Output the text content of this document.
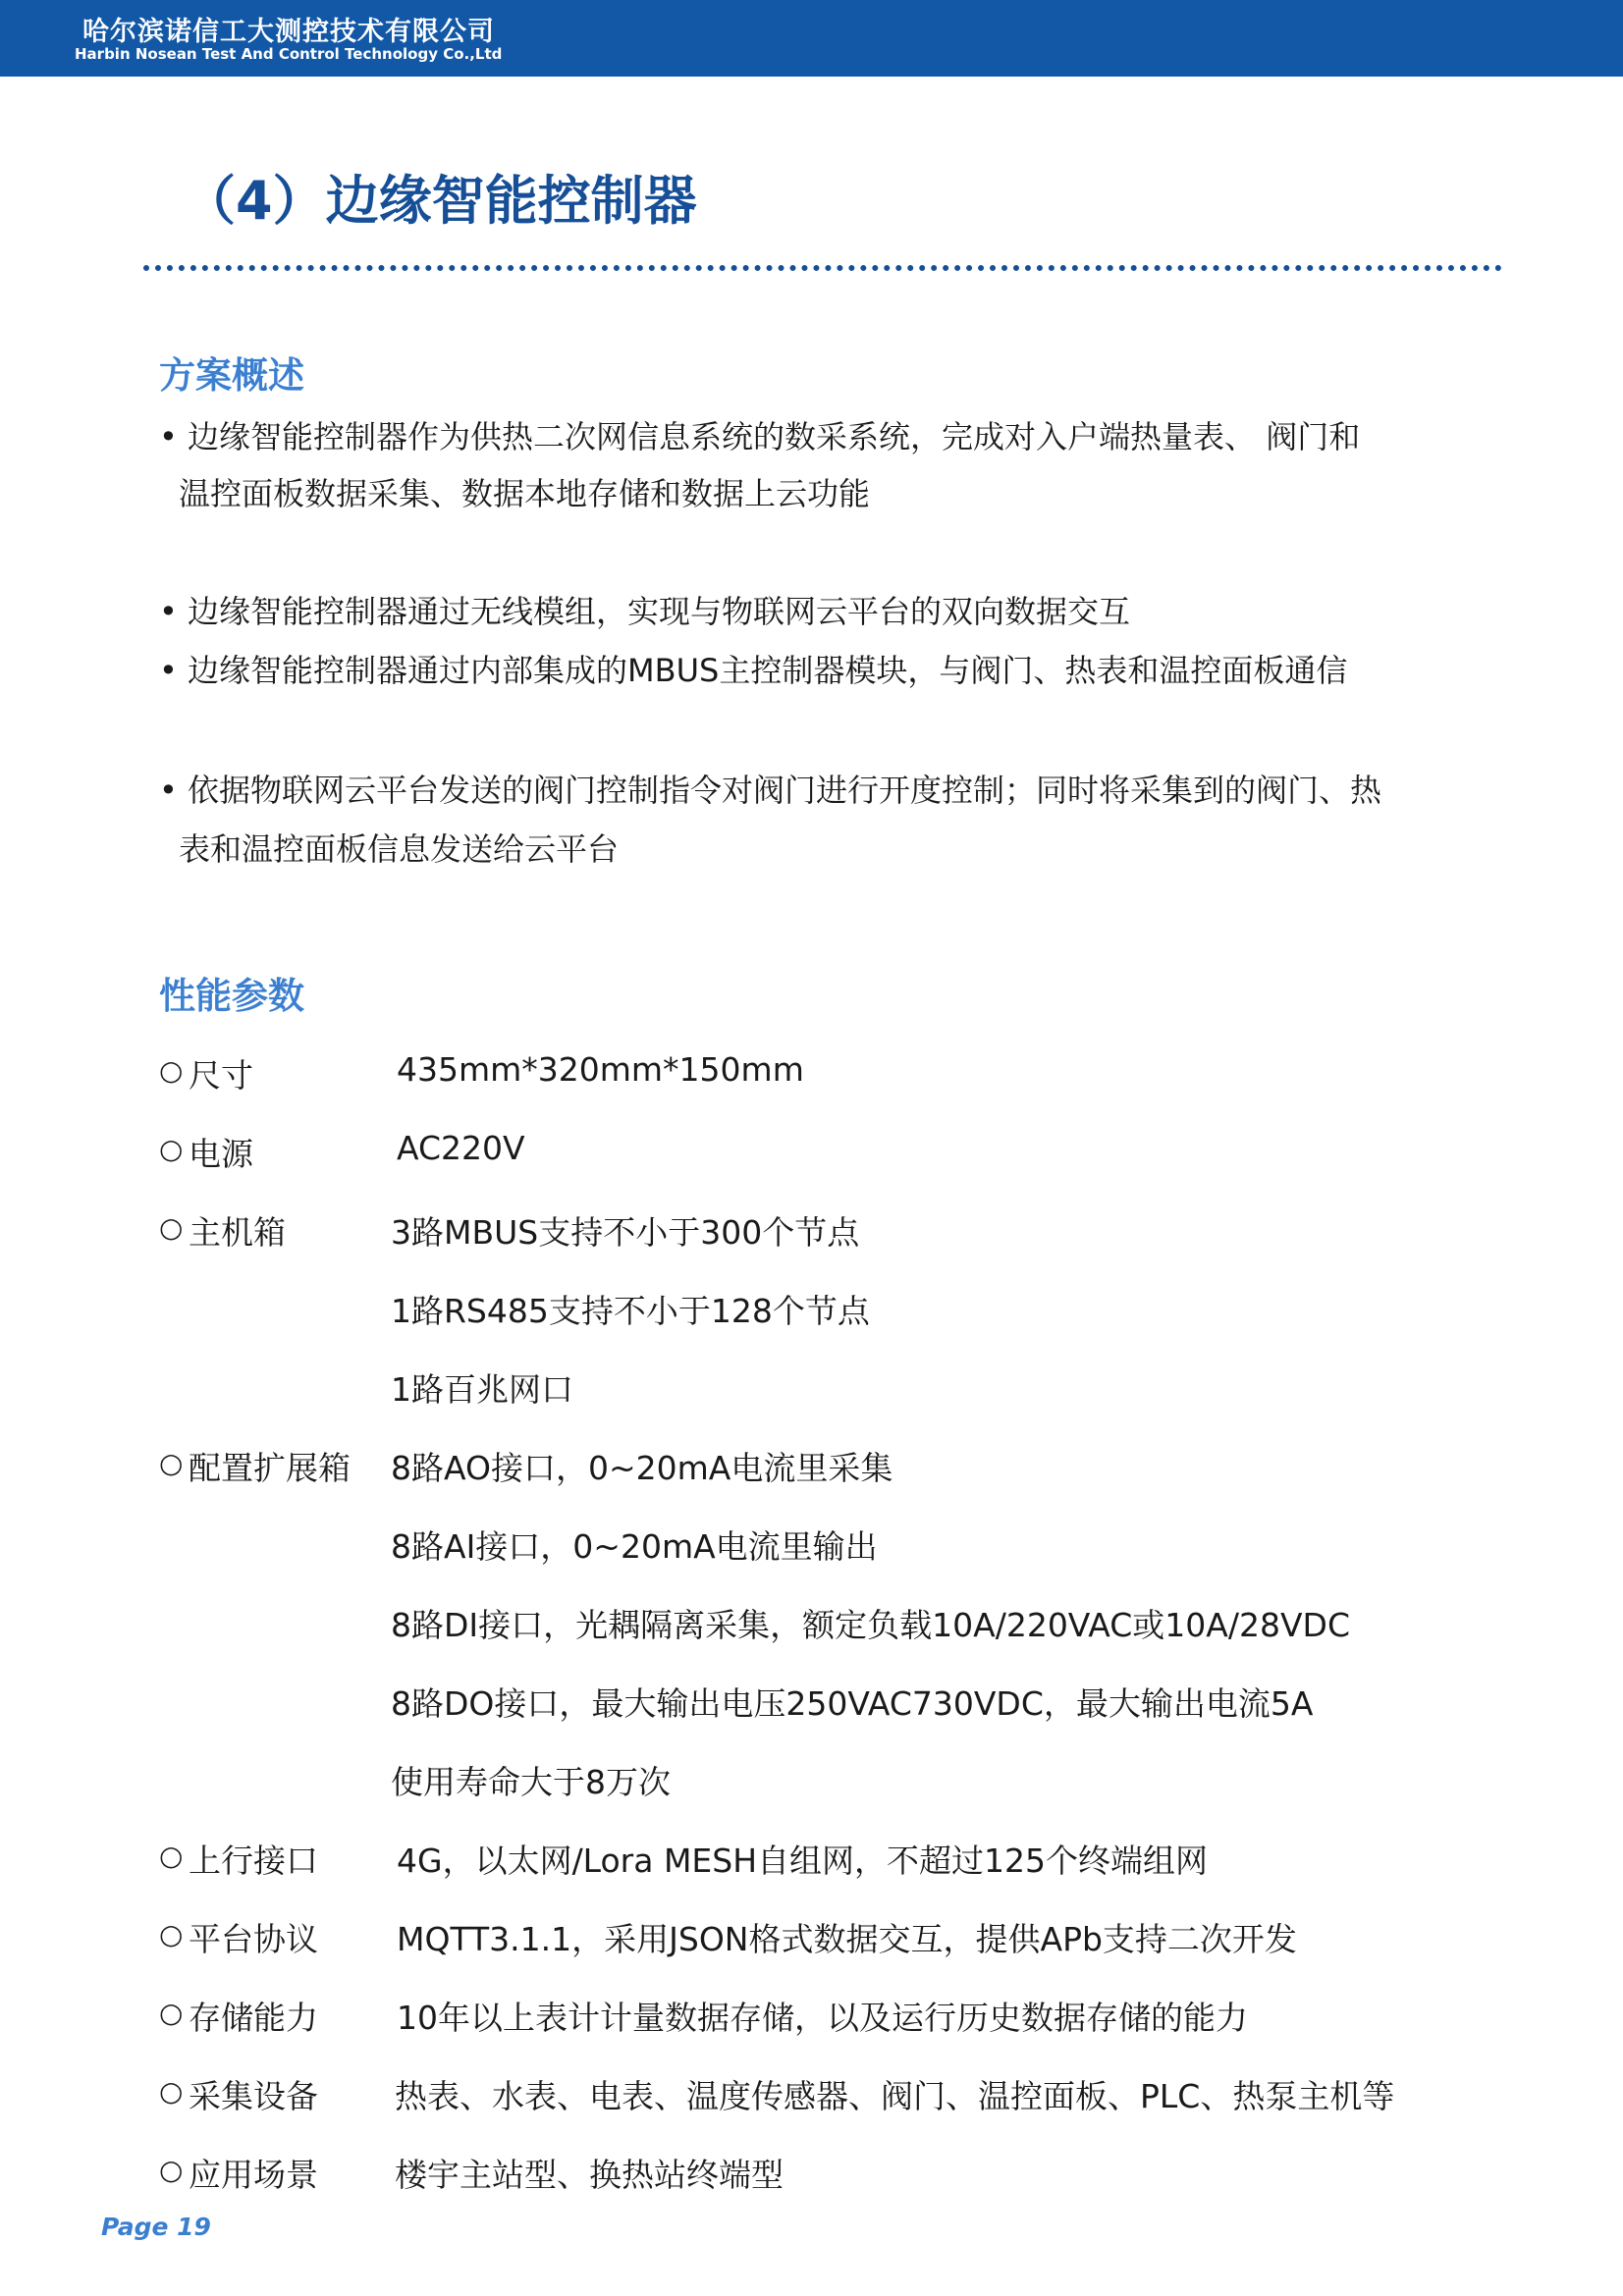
哈尔滨诺信工大测控技术有限公司
Harbin Nosean Test And Control Technology Co.,Ltd
（4）边缘智能控制器
方案概述
• 边缘智能控制器作为供热二次网信息系统的数采系统，完成对入户端热量表、 阀门和
温控面板数据采集、数据本地存储和数据上云功能
• 边缘智能控制器通过无线模组，实现与物联网云平台的双向数据交互
• 边缘智能控制器通过内部集成的MBUS主控制器模块，与阀门、热表和温控面板通信
• 依据物联网云平台发送的阀门控制指令对阀门进行开度控制；同时将采集到的阀门、热
表和温控面板信息发送给云平台
性能参数
○ 尺寸	435mm*320mm*150mm
○ 电源	AC220V
○ 主机箱	3路MBUS支持不小于300个节点
1路RS485支持不小于128个节点
1路百兆网口
○ 配置扩展箱 8路AO接口，0~20mA电流里采集
8路AI接口，0~20mA电流里输出
8路DI接口，光耦隔离采集，额定负载10A/220VAC或10A/28VDC
8路DO接口，最大输出电压250VAC730VDC，最大输出电流5A
使用寿命大于8万次
○ 上行接口 4G，以太网/Lora MESH自组网，不超过125个终端组网
○ 平台协议 MQTT3.1.1，采用JSON格式数据交互，提供APb支持二次开发
○ 存储能力 10年以上表计计量数据存储，以及运行历史数据存储的能力
○ 采集设备 热表、水表、电表、温度传感器、阀门、温控面板、PLC、热泵主机等
○ 应用场景 楼宇主站型、换热站终端型
Page 19
